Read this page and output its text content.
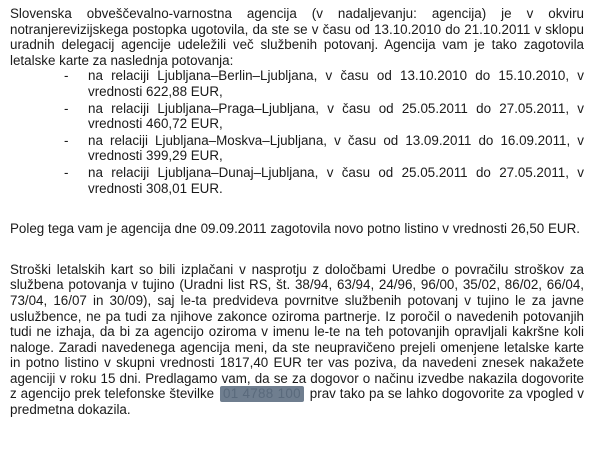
Slovenska obveščevalno-varnostna agencija (v nadaljevanju: agencija) je v okviru notranjerevizijskega postopka ugotovila, da ste se v času od 13.10.2010 do 21.10.2011 v sklopu uradnih delegacij agencije udeležili več službenih potovanj. Agencija vam je tako zagotovila letalske karte za naslednja potovanja:

- na relaciji Ljubljana–Berlin–Ljubljana, v času od 13.10.2010 do 15.10.2010, v vrednosti 622,88 EUR,
- na relaciji Ljubljana–Praga–Ljubljana, v času od 25.05.2011 do 27.05.2011, v vrednosti 460,72 EUR,
- na relaciji Ljubljana–Moskva–Ljubljana, v času od 13.09.2011 do 16.09.2011, v vrednosti 399,29 EUR,
- na relaciji Ljubljana–Dunaj–Ljubljana, v času od 25.05.2011 do 27.05.2011, v vrednosti 308,01 EUR.

Poleg tega vam je agencija dne 09.09.2011 zagotovila novo potno listino v vrednosti 26,50 EUR.

Stroški letalskih kart so bili izplačani v nasprotju z določbami Uredbe o povračilu stroškov za službena potovanja v tujino (Uradni list RS, št. 38/94, 63/94, 24/96, 96/00, 35/02, 86/02, 66/04, 73/04, 16/07 in 30/09), saj le-ta predvideva povrnitve službenih potovanj v tujino le za javne uslužbence, ne pa tudi za njihove zakonce oziroma partnerje. Iz poročil o navedenih potovanjih tudi ne izhaja, da bi za agencijo oziroma v imenu le-te na teh potovanjih opravljali kakršne koli naloge. Zaradi navedenega agencija meni, da ste neupravičeno prejeli omenjene letalske karte in potno listino v skupni vrednosti 1817,40 EUR ter vas poziva, da navedeni znesek nakažete agenciji v roku 15 dni. Predlagamo vam, da se za dogovor o načinu izvedbe nakazila dogovorite z agencijo prek telefonske številke 01 4788 100 prav tako pa se lahko dogovorite za vpogled v predmetna dokazila.
